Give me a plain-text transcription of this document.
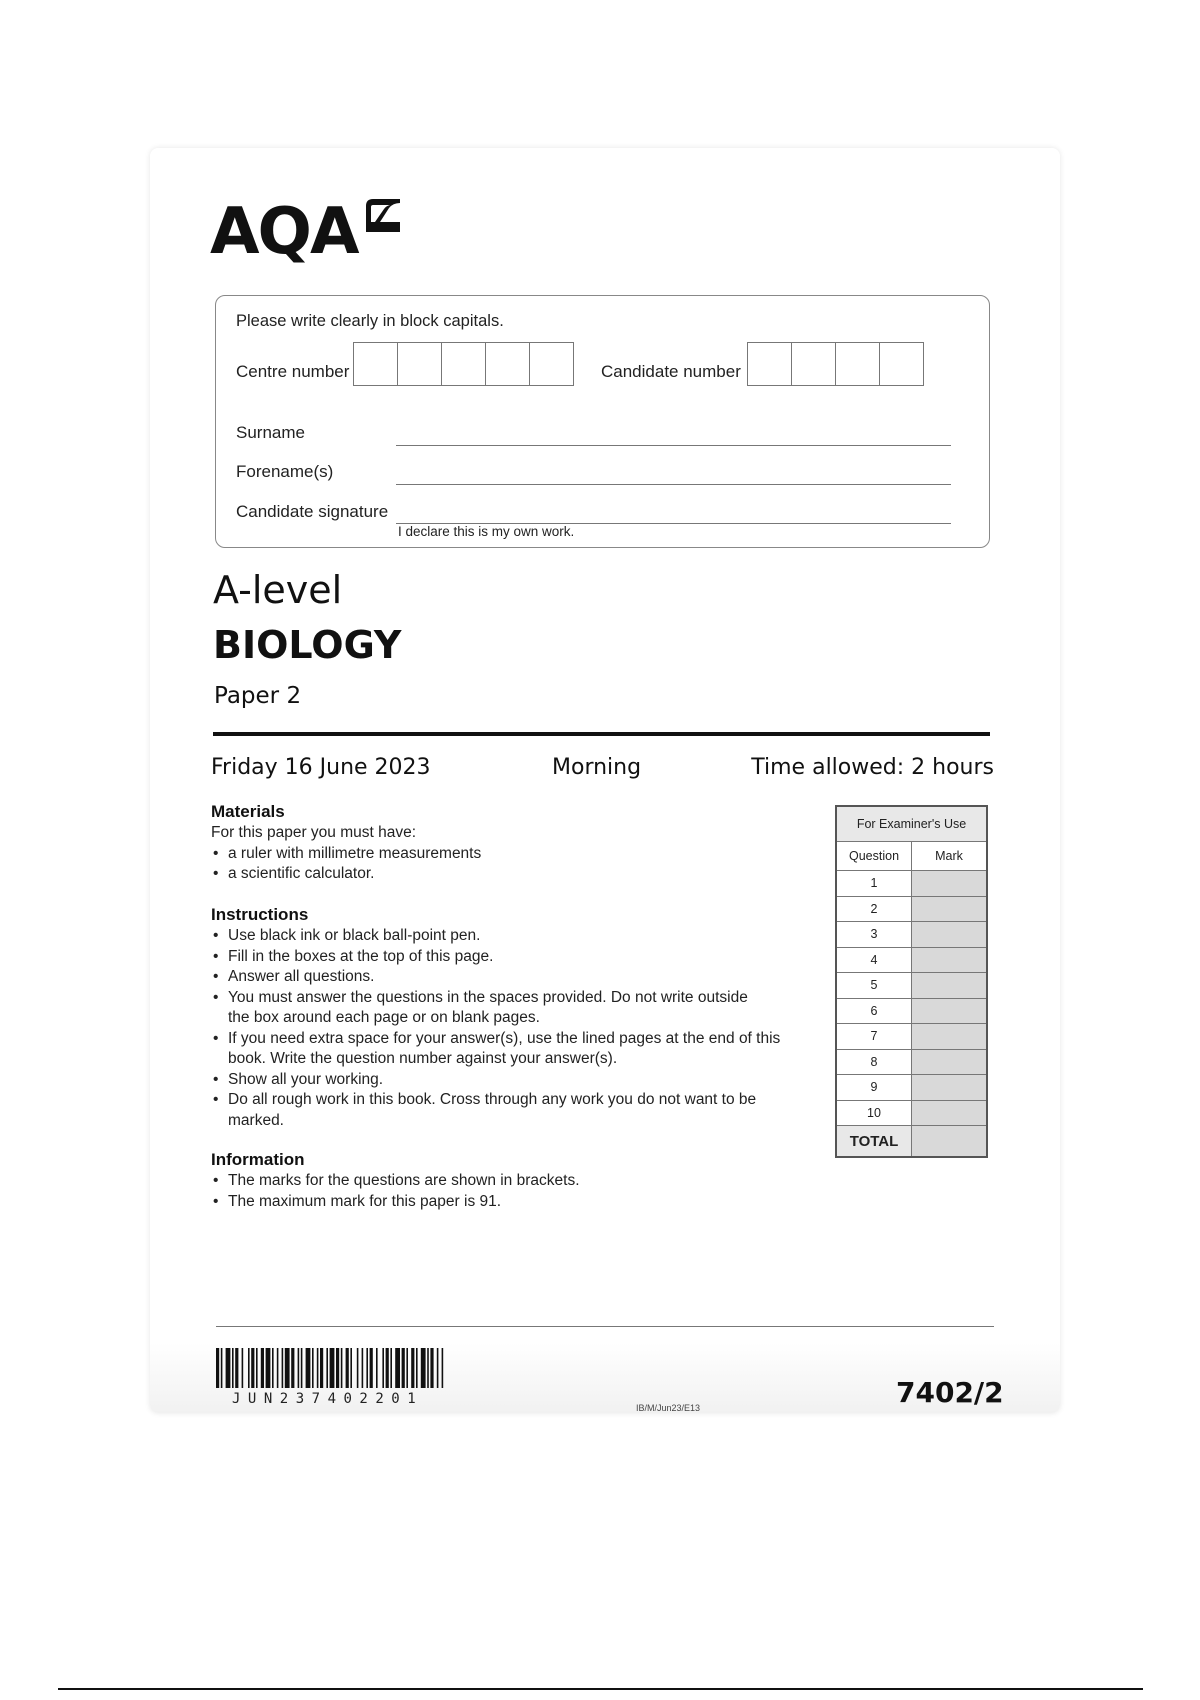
AQA
Please write clearly in block capitals.
Centre number	Candidate number
Surname
Forename(s)
Candidate signature
I declare this is my own work.
A-level
BIOLOGY
Paper 2
Friday 16 June 2023	Morning	Time allowed: 2 hours
Materials
For this paper you must have:
• a ruler with millimetre measurements
• a scientific calculator.
Instructions
• Use black ink or black ball-point pen.
• Fill in the boxes at the top of this page.
• Answer all questions.
• You must answer the questions in the spaces provided. Do not write outside the box around each page or on blank pages.
• If you need extra space for your answer(s), use the lined pages at the end of this book. Write the question number against your answer(s).
• Show all your working.
• Do all rough work in this book. Cross through any work you do not want to be marked.
Information
• The marks for the questions are shown in brackets.
• The maximum mark for this paper is 91.
For Examiner's Use	
Question	Mark
1	
2	
3	
4	
5	
6	
7	
8	
9	
10	
TOTAL	
JUN237402201
IB/M/Jun23/E13	7402/2
